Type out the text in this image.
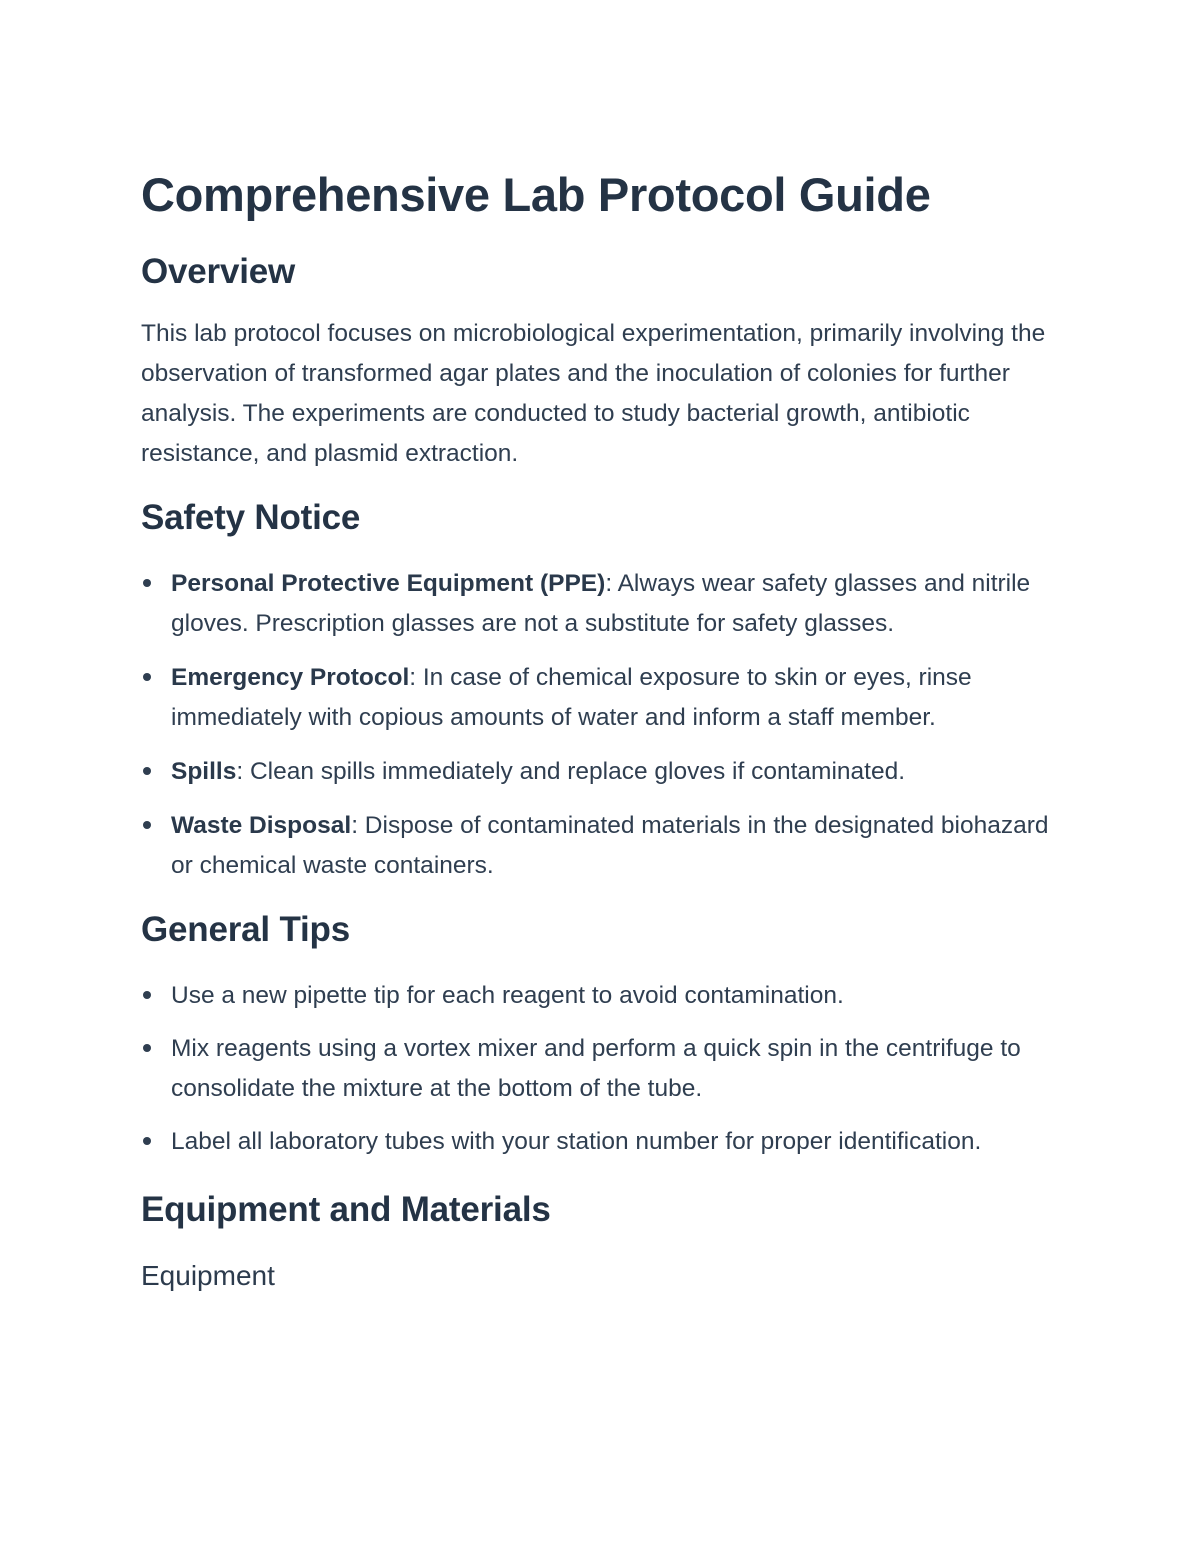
Comprehensive Lab Protocol Guide
Overview

This lab protocol focuses on microbiological experimentation, primarily involving the observation of transformed agar plates and the inoculation of colonies for further analysis. The experiments are conducted to study bacterial growth, antibiotic resistance, and plasmid extraction.

Safety Notice
Personal Protective Equipment (PPE): Always wear safety glasses and nitrile gloves. Prescription glasses are not a substitute for safety glasses.
Emergency Protocol: In case of chemical exposure to skin or eyes, rinse immediately with copious amounts of water and inform a staff member.
Spills: Clean spills immediately and replace gloves if contaminated.
Waste Disposal: Dispose of contaminated materials in the designated biohazard or chemical waste containers.
General Tips
Use a new pipette tip for each reagent to avoid contamination.
Mix reagents using a vortex mixer and perform a quick spin in the centrifuge to consolidate the mixture at the bottom of the tube.
Label all laboratory tubes with your station number for proper identification.
Equipment and Materials
Equipment
